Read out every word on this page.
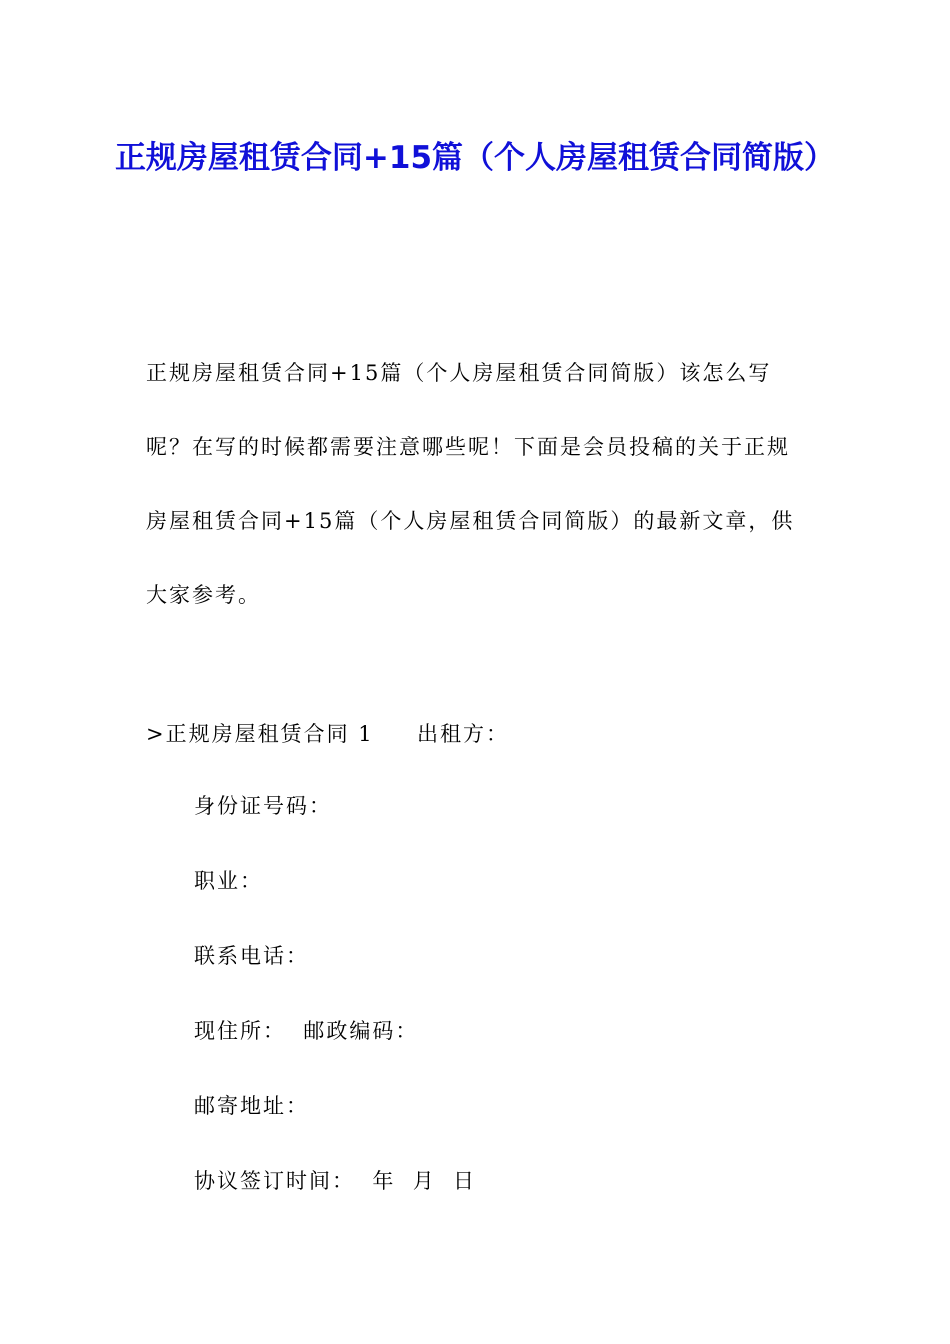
正规房屋租赁合同+15篇（个人房屋租赁合同简版）

正规房屋租赁合同+15篇（个人房屋租赁合同简版）该怎么写呢？在写的时候都需要注意哪些呢！下面是会员投稿的关于正规房屋租赁合同+15篇（个人房屋租赁合同简版）的最新文章，供大家参考。

>正规房屋租赁合同 1     出租方：
身份证号码：
职业：
联系电话：
现住所：  邮政编码：
邮寄地址：
协议签订时间：  年  月  日
